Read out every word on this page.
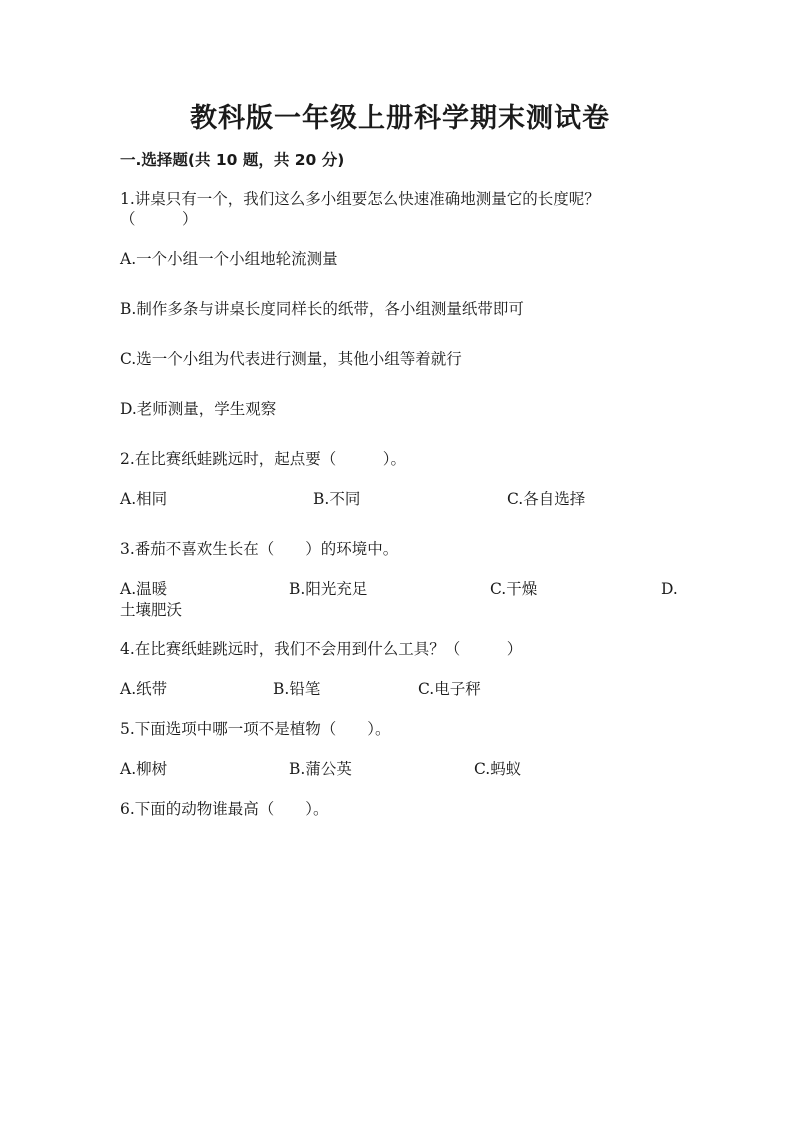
教科版一年级上册科学期末测试卷
一.选择题(共 10 题，共 20 分)
1.讲桌只有一个，我们这么多小组要怎么快速准确地测量它的长度呢？
（　　　）
A.一个小组一个小组地轮流测量
B.制作多条与讲桌长度同样长的纸带，各小组测量纸带即可
C.选一个小组为代表进行测量，其他小组等着就行
D.老师测量，学生观察
2.在比赛纸蛙跳远时，起点要（　　　）。
A.相同	B.不同	C.各自选择
3.番茄不喜欢生长在（　　）的环境中。
A.温暖	B.阳光充足	C.干燥	D.
土壤肥沃
4.在比赛纸蛙跳远时，我们不会用到什么工具？（　　　）
A.纸带	B.铅笔	C.电子秤
5.下面选项中哪一项不是植物（　　）。
A.柳树	B.蒲公英	C.蚂蚁
6.下面的动物谁最高（　　）。
